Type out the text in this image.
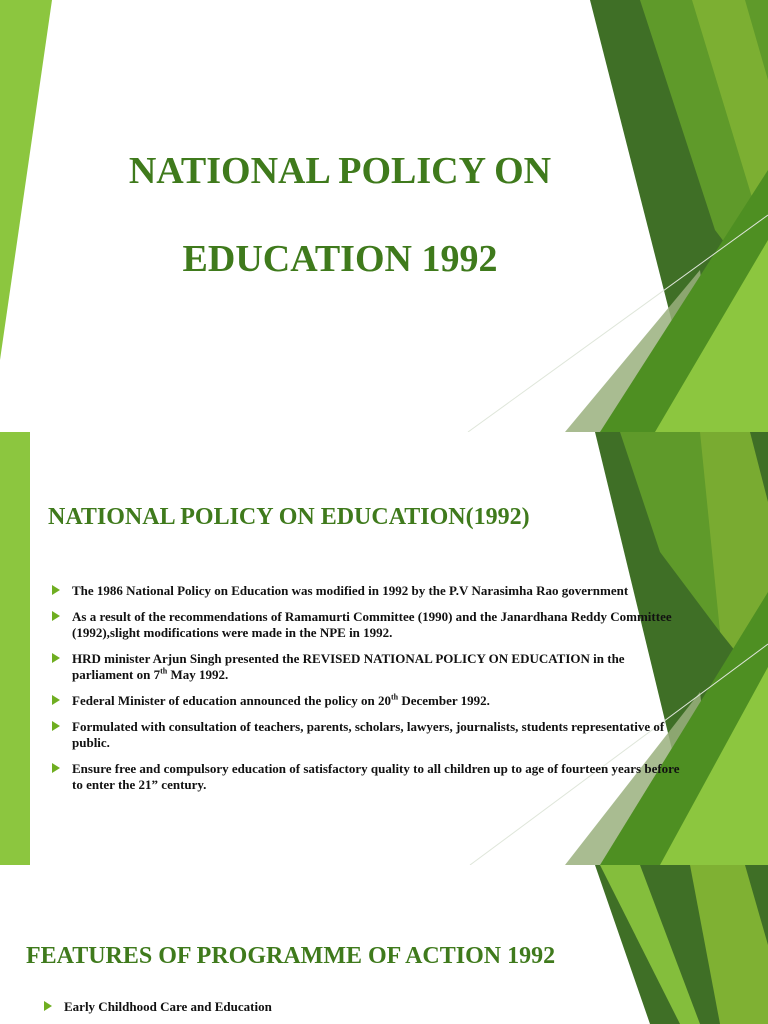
NATIONAL POLICY ON
EDUCATION 1992
NATIONAL POLICY ON EDUCATION(1992)
The 1986 National Policy on Education was modified in 1992 by the P.V Narasimha Rao government
As a result of the recommendations of Ramamurti Committee (1990) and the Janardhana Reddy Committee (1992),slight modifications were made in the NPE in 1992.
HRD minister Arjun Singh presented the REVISED NATIONAL POLICY ON EDUCATION in the parliament on 7th May 1992.
Federal Minister of education announced the policy on 20th December 1992.
Formulated with consultation of teachers, parents, scholars, lawyers, journalists, students representative of public.
Ensure free and compulsory education of satisfactory quality to all children up to age of fourteen years before to enter the 21” century.
FEATURES OF PROGRAMME OF ACTION 1992
Early Childhood Care and Education
